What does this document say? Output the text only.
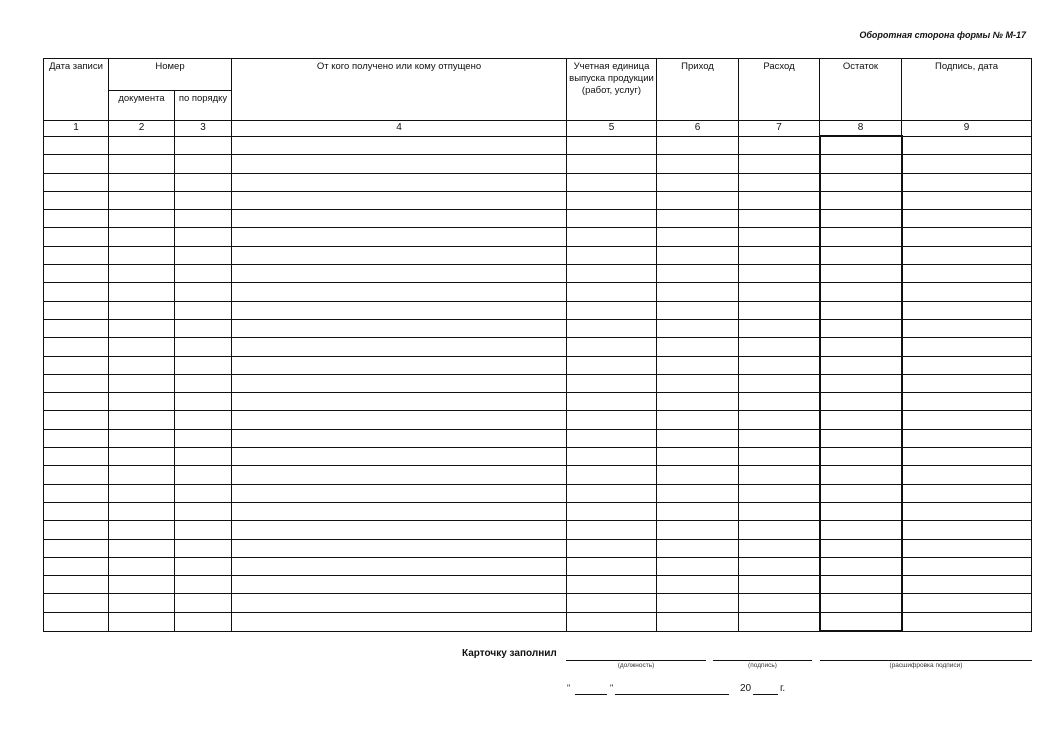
Оборотная сторона формы № М-17
Дата записи	Номер		От кого получено или кому отпущено	Учетная единица выпуска продукции (работ, услуг)	Приход	Расход	Остаток	Подпись, дата
	документа	по порядку						
1	2	3	4	5	6	7	8	9

Карточку заполнил
(должность)	(подпись)	(расшифровка подписи)
"	"	20	г.
